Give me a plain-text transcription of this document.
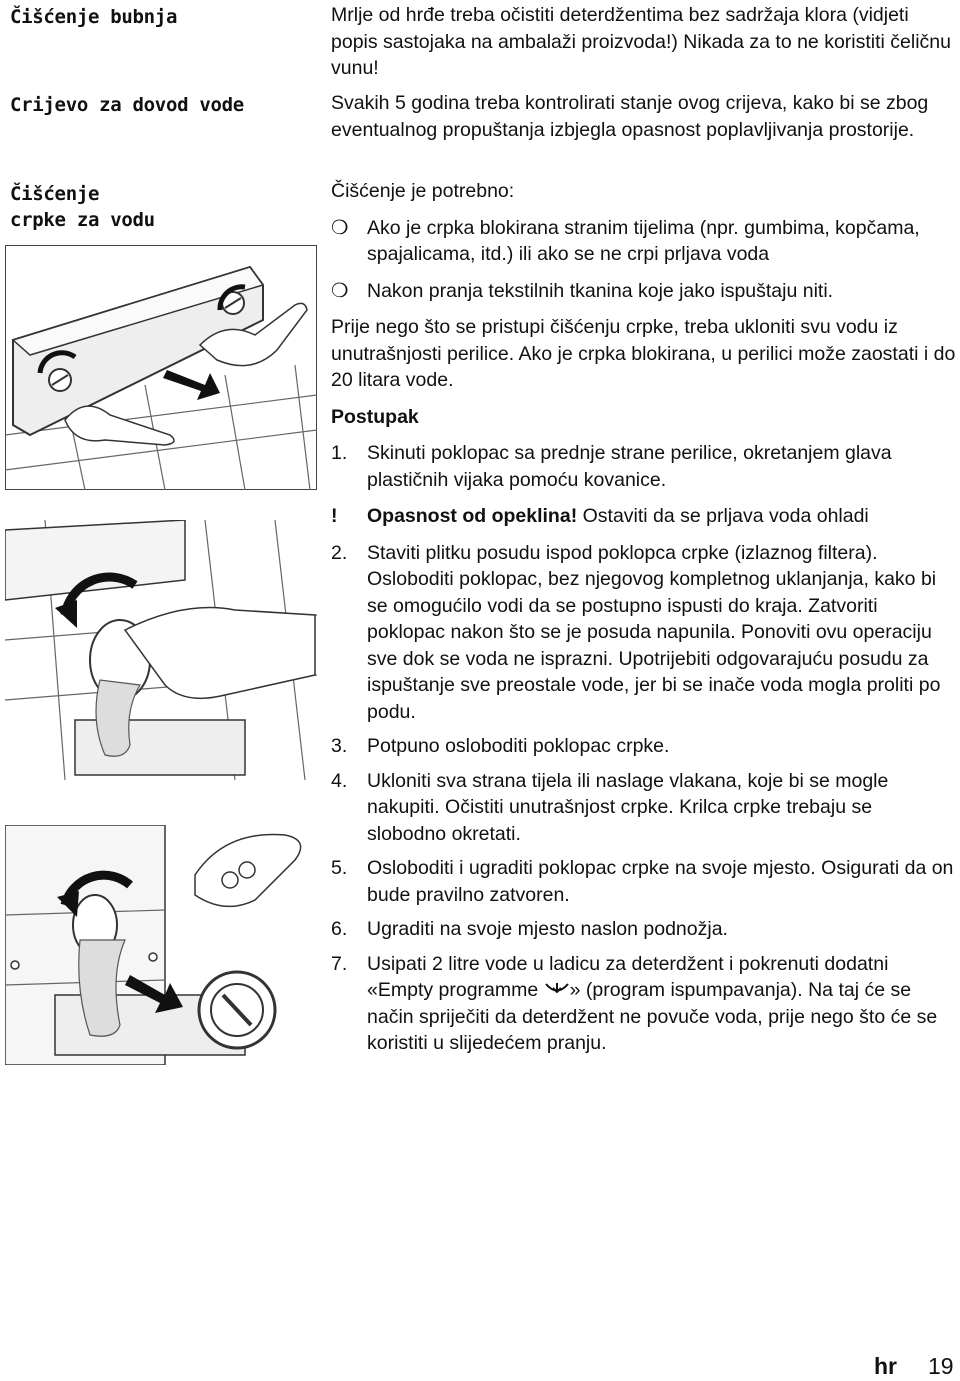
Čišćenje bubnja
Crijevo za dovod vode
Čišćenje
crpke za vodu

Mrlje od hrđe treba očistiti deterdžentima bez sadržaja klora (vidjeti popis sastojaka na ambalaži proizvoda!) Nikada za to ne koristiti čeličnu vunu!

Svakih 5 godina treba kontrolirati stanje ovog crijeva, kako bi se zbog eventualnog propuštanja izbjegla opasnost poplavljivanja prostorije.

Čišćenje je potrebno:

❍ Ako je crpka blokirana stranim tijelima (npr. gumbima, kopčama, spajalicama, itd.) ili ako se ne crpi prljava voda
❍ Nakon pranja tekstilnih tkanina koje jako ispuštaju niti.

Prije nego što se pristupi čišćenju crpke, treba ukloniti svu vodu iz unutrašnjosti perilice. Ako je crpka blokirana, u perilici može zaostati i do 20 litara vode.

Postupak

1. Skinuti poklopac sa prednje strane perilice, okretanjem glava plastičnih vijaka pomoću kovanice.
! Opasnost od opeklina! Ostaviti da se prljava voda ohladi
2. Staviti plitku posudu ispod poklopca crpke (izlaznog filtera). Osloboditi poklopac, bez njegovog kompletnog uklanjanja, kako bi se omogućilo vodi da se postupno ispusti do kraja. Zatvoriti poklopac nakon što se je posuda napunila. Ponoviti ovu operaciju sve dok se voda ne isprazni. Upotrijebiti odgovarajuću posudu za ispuštanje sve preostale vode, jer bi se inače voda mogla proliti po podu.
3. Potpuno osloboditi poklopac crpke.
4. Ukloniti sva strana tijela ili naslage vlakana, koje bi se mogle nakupiti. Očistiti unutrašnjost crpke. Krilca crpke trebaju se slobodno okretati.
5. Osloboditi i ugraditi poklopac crpke na svoje mjesto. Osigurati da on bude pravilno zatvoren.
6. Ugraditi na svoje mjesto naslon podnožja.
7. Usipati 2 litre vode u ladicu za deterdžent i pokrenuti dodatni «Empty programme » (program ispumpavanja). Na taj će se način spriječiti da deterdžent ne povuče voda, prije nego što će se koristiti u slijedećem pranju.
hr 19
